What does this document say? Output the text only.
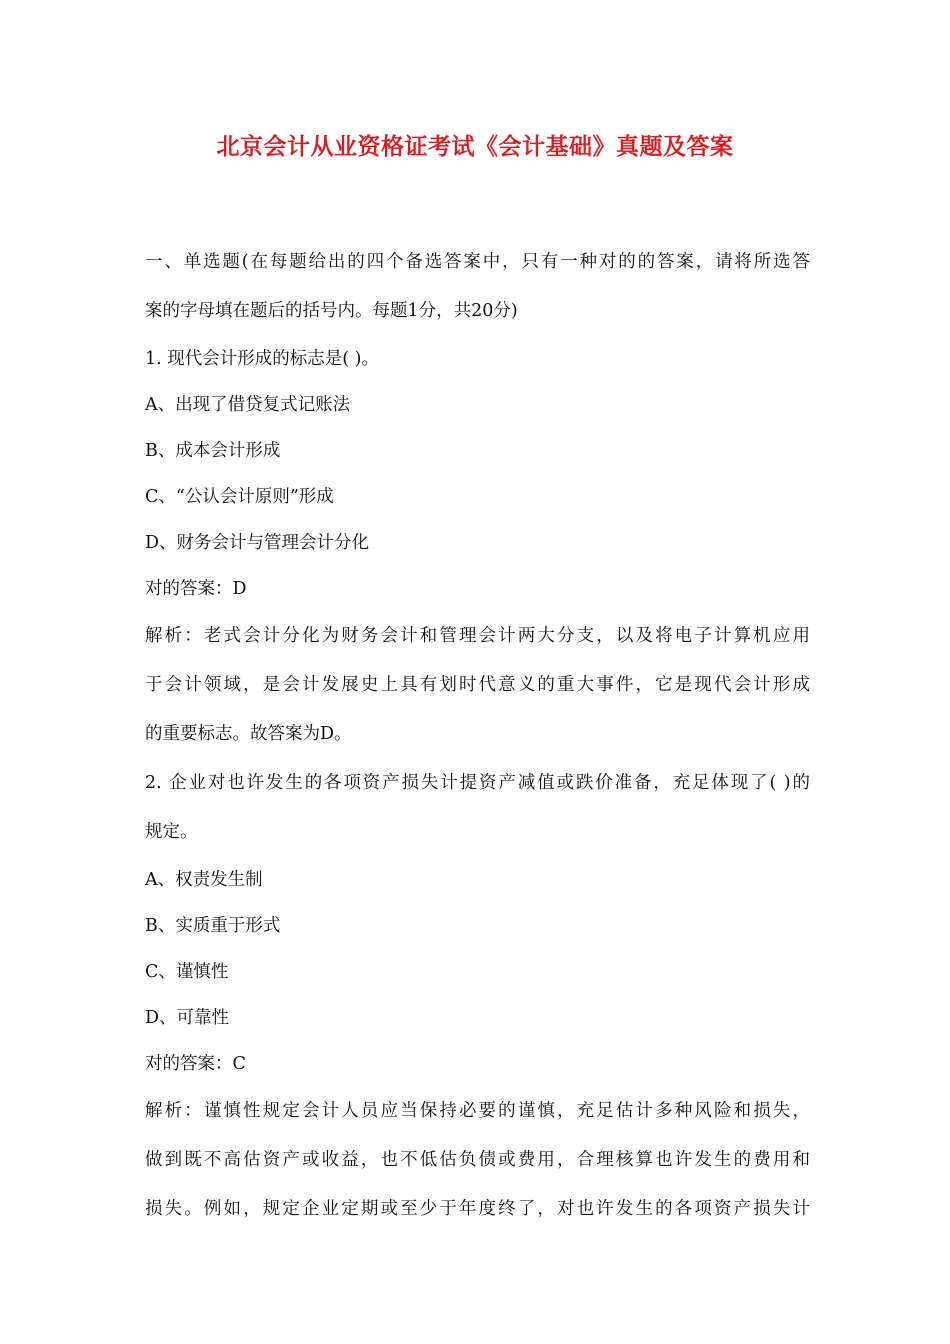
北京会计从业资格证考试《会计基础》真题及答案

一、单选题(在每题给出的四个备选答案中，只有一种对的的答案，请将所选答

案的字母填在题后的括号内。每题1分，共20分)

1. 现代会计形成的标志是( )。

A、出现了借贷复式记账法

B、成本会计形成

C、“公认会计原则”形成

D、财务会计与管理会计分化

对的答案：D

解析：老式会计分化为财务会计和管理会计两大分支，以及将电子计算机应用

于会计领域，是会计发展史上具有划时代意义的重大事件，它是现代会计形成

的重要标志。故答案为D。

2. 企业对也许发生的各项资产损失计提资产减值或跌价准备，充足体现了( )的

规定。

A、权责发生制

B、实质重于形式

C、谨慎性

D、可靠性

对的答案：C

解析：谨慎性规定会计人员应当保持必要的谨慎，充足估计多种风险和损失，

做到既不高估资产或收益，也不低估负债或费用，合理核算也许发生的费用和

损失。例如，规定企业定期或至少于年度终了，对也许发生的各项资产损失计
